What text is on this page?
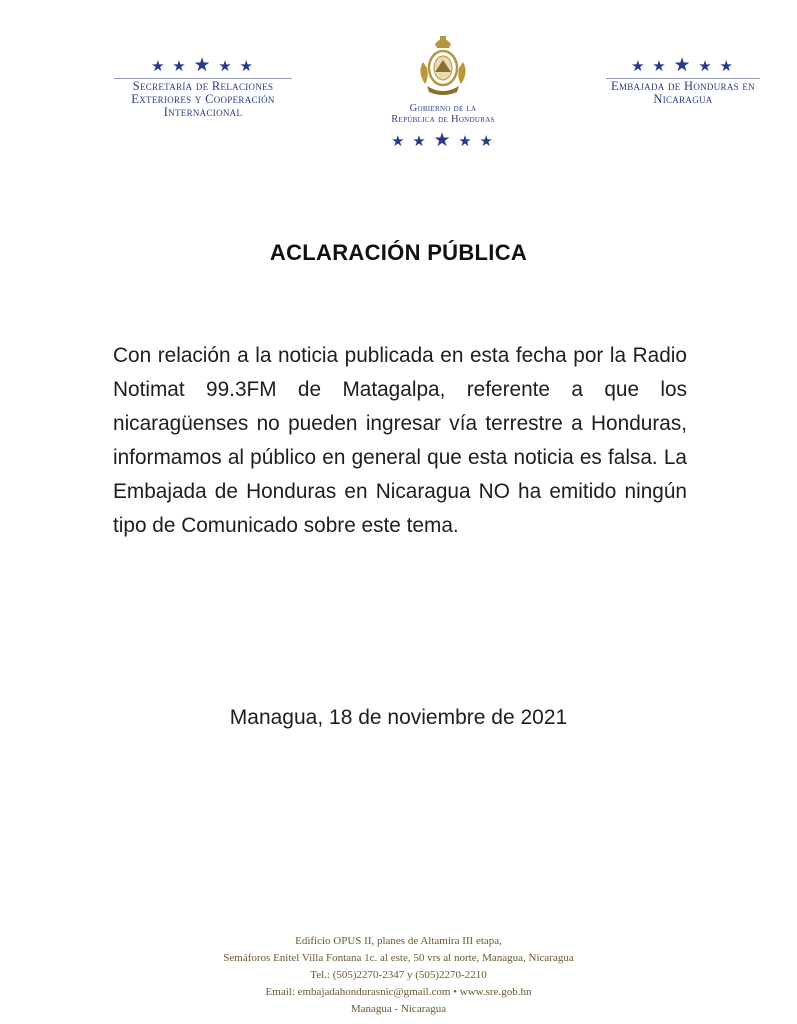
★ ★ ★ ★ ★
Secretaría de Relaciones
Exteriores y Cooperación
Internacional	Gobierno de la
República de Honduras
★ ★ ★ ★ ★
★ ★ ★ ★ ★
Embajada de Honduras en
Nicaragua
ACLARACIÓN PÚBLICA
Con relación a la noticia publicada en esta fecha por la Radio Notimat 99.3FM de Matagalpa, referente a que los nicaragüenses no pueden ingresar vía terrestre a Honduras, informamos al público en general que esta noticia es falsa. La Embajada de Honduras en Nicaragua NO ha emitido ningún tipo de Comunicado sobre este tema.
Managua, 18 de noviembre de 2021
Edificio OPUS II, planes de Altamira III etapa,
Semáforos Enitel Villa Fontana 1c. al este, 50 vrs al norte, Managua, Nicaragua
Tel.: (505)2270-2347 y (505)2270-2210
Email: embajadahondurasnic@gmail.com • www.sre.gob.hn
Managua - Nicaragua
